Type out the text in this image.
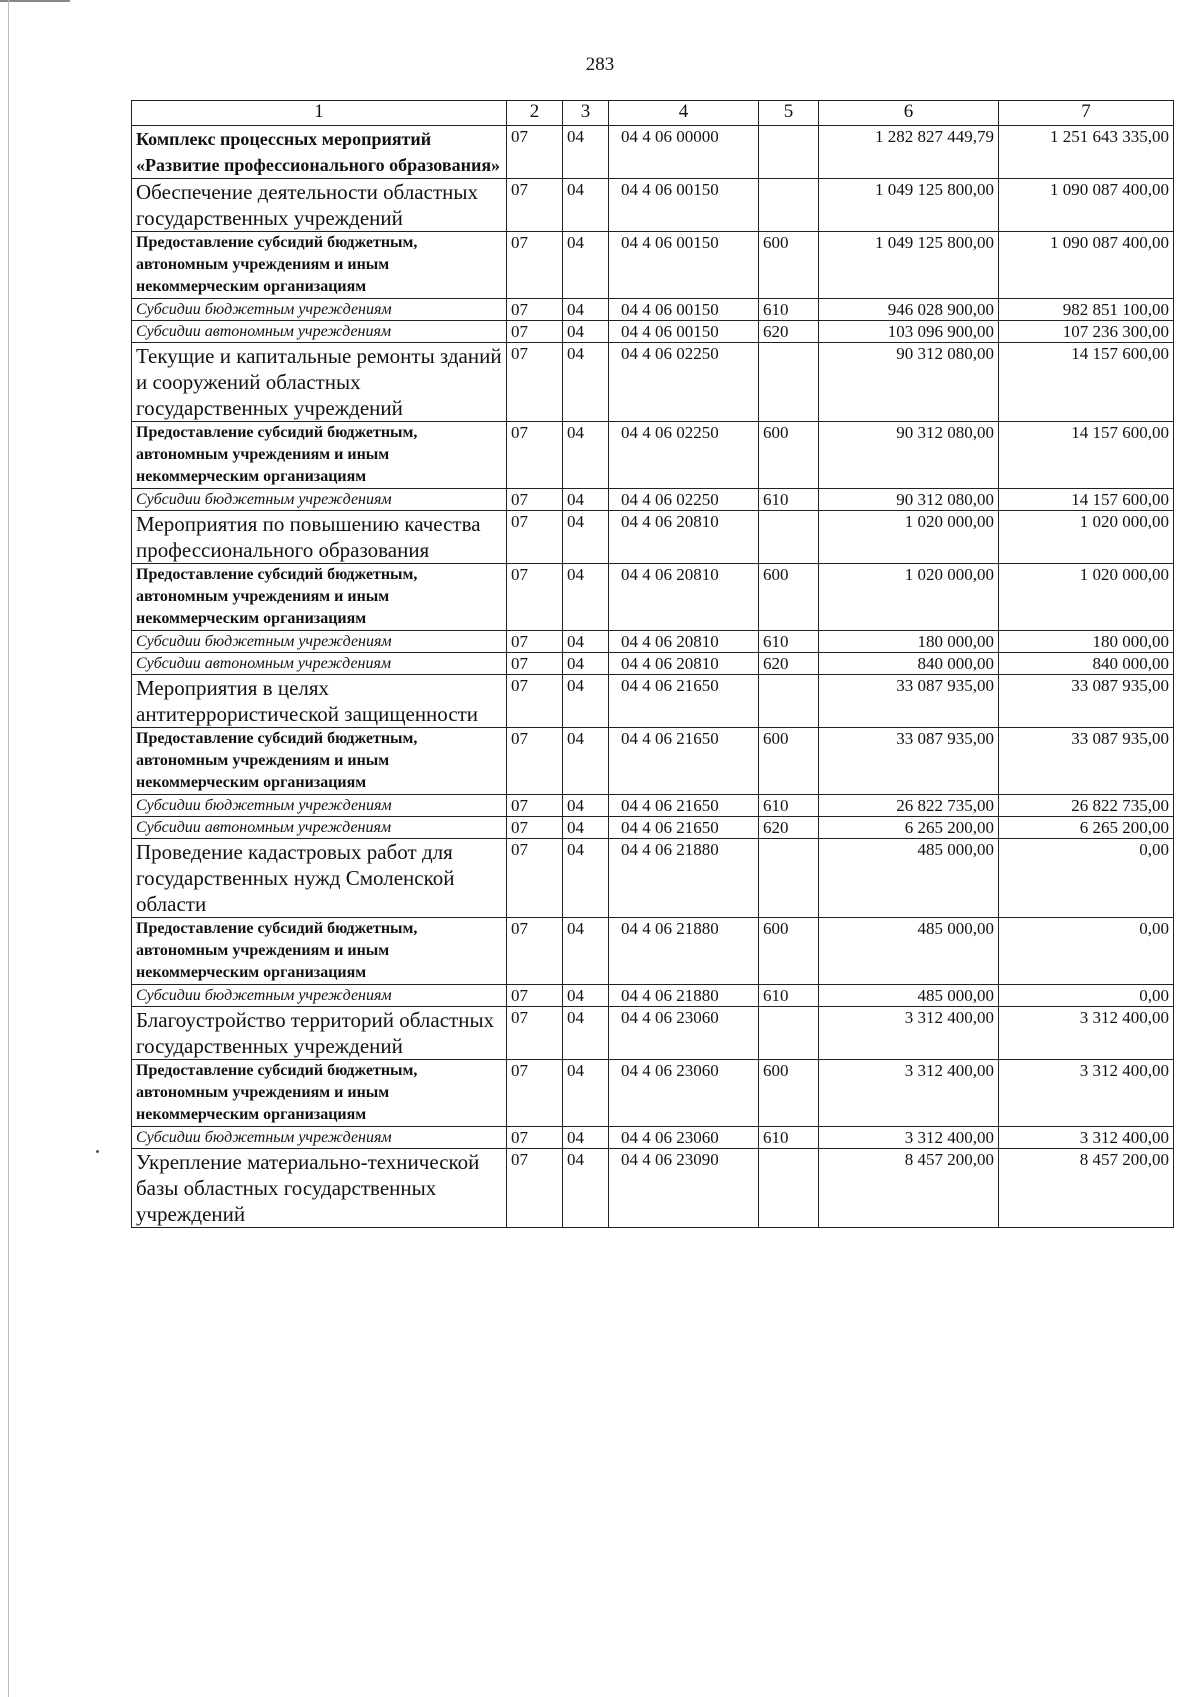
283
1	2	3	4	5	6	7
Комплекс процессных мероприятий «Развитие профессионального образования»	07	04	04 4 06 00000		1 282 827 449,79	1 251 643 335,00
Обеспечение деятельности областных государственных учреждений	07	04	04 4 06 00150		1 049 125 800,00	1 090 087 400,00
Предоставление субсидий бюджетным, автономным учреждениям и иным некоммерческим организациям	07	04	04 4 06 00150	600	1 049 125 800,00	1 090 087 400,00
Субсидии бюджетным учреждениям	07	04	04 4 06 00150	610	946 028 900,00	982 851 100,00
Субсидии автономным учреждениям	07	04	04 4 06 00150	620	103 096 900,00	107 236 300,00
Текущие и капитальные ремонты зданий и сооружений областных государственных учреждений	07	04	04 4 06 02250		90 312 080,00	14 157 600,00
Предоставление субсидий бюджетным, автономным учреждениям и иным некоммерческим организациям	07	04	04 4 06 02250	600	90 312 080,00	14 157 600,00
Субсидии бюджетным учреждениям	07	04	04 4 06 02250	610	90 312 080,00	14 157 600,00
Мероприятия по повышению качества профессионального образования	07	04	04 4 06 20810		1 020 000,00	1 020 000,00
Предоставление субсидий бюджетным, автономным учреждениям и иным некоммерческим организациям	07	04	04 4 06 20810	600	1 020 000,00	1 020 000,00
Субсидии бюджетным учреждениям	07	04	04 4 06 20810	610	180 000,00	180 000,00
Субсидии автономным учреждениям	07	04	04 4 06 20810	620	840 000,00	840 000,00
Мероприятия в целях антитеррористической защищенности	07	04	04 4 06 21650		33 087 935,00	33 087 935,00
Предоставление субсидий бюджетным, автономным учреждениям и иным некоммерческим организациям	07	04	04 4 06 21650	600	33 087 935,00	33 087 935,00
Субсидии бюджетным учреждениям	07	04	04 4 06 21650	610	26 822 735,00	26 822 735,00
Субсидии автономным учреждениям	07	04	04 4 06 21650	620	6 265 200,00	6 265 200,00
Проведение кадастровых работ для государственных нужд Смоленской области	07	04	04 4 06 21880		485 000,00	0,00
Предоставление субсидий бюджетным, автономным учреждениям и иным некоммерческим организациям	07	04	04 4 06 21880	600	485 000,00	0,00
Субсидии бюджетным учреждениям	07	04	04 4 06 21880	610	485 000,00	0,00
Благоустройство территорий областных государственных учреждений	07	04	04 4 06 23060		3 312 400,00	3 312 400,00
Предоставление субсидий бюджетным, автономным учреждениям и иным некоммерческим организациям	07	04	04 4 06 23060	600	3 312 400,00	3 312 400,00
Субсидии бюджетным учреждениям	07	04	04 4 06 23060	610	3 312 400,00	3 312 400,00
Укрепление материально-технической базы областных государственных учреждений	07	04	04 4 06 23090		8 457 200,00	8 457 200,00
